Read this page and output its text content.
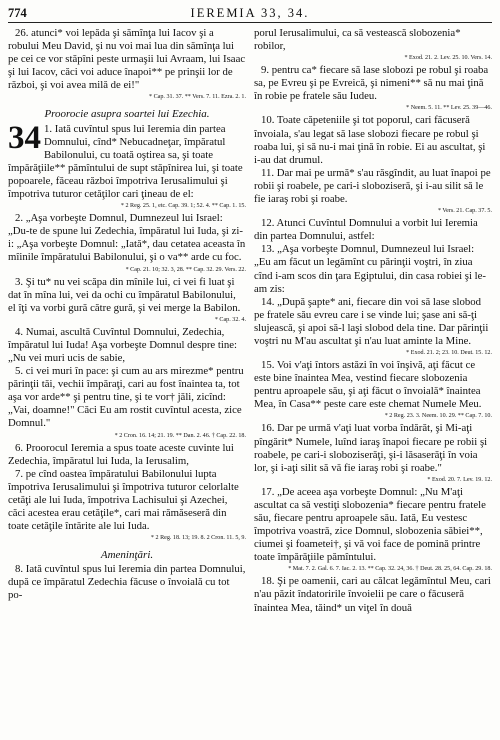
774	IEREMIA 33, 34.

26. atunci* voi lepăda şi sămînţa lui Iacov şi a robului Meu David, şi nu voi mai lua din sămînţa lui pe cei ce vor stăpîni peste urmaşii lui Avraam, lui Isaac şi lui Iacov, căci voi aduce înapoi** pe prinşii lor de război, şi voi avea milă de ei!"

* Cap. 31. 37. ** Vers. 7. 11. Ezra. 2. 1.

Proorocie asupra soartei lui Ezechia.

34 1. Iată cuvîntul spus lui Ieremia din partea Domnului, cînd* Nebucadneţar, împăratul Babilonului, cu toată oştirea sa, şi toate împărăţiile** pămîntului de supt stăpînirea lui, şi toate popoarele, făceau război împotriva Ierusalimului şi împotriva tuturor cetăţilor cari ţineau de el:

* 2 Reg. 25. 1, etc. Cap. 39. 1; 52. 4. ** Cap. 1. 15.

2. „Aşa vorbeşte Domnul, Dumnezeul lui Israel: „Du-te de spune lui Zedechia, împăratul lui Iuda, şi zi-i: „Aşa vorbeşte Domnul: „Iată*, dau cetatea aceasta în mîinile împăratului Babilonului, şi o va** arde cu foc.

* Cap. 21. 10; 32. 3, 28. ** Cap. 32. 29. Vers. 22.

3. Şi tu* nu vei scăpa din mînile lui, ci vei fi luat şi dat în mîna lui, vei da ochi cu împăratul Babilonului, el îţi va vorbi gură către gură, şi vei merge la Babilon.

* Cap. 32. 4.

4. Numai, ascultă Cuvîntul Domnului, Zedechia, împăratul lui Iuda! Aşa vorbeşte Domnul despre tine: „Nu vei muri ucis de sabie,

5. ci vei muri în pace: şi cum au ars mirezme* pentru părinţii tăi, vechii împăraţi, cari au fost înaintea ta, tot aşa vor arde** şi pentru tine, şi te vor† jăli, zicînd: „Vai, doamne!" Căci Eu am rostit cuvîntul acesta, zice Domnul."

* 2 Cron. 16. 14; 21. 19. ** Dan. 2. 46. † Cap. 22. 18.

6. Proorocul Ieremia a spus toate aceste cuvinte lui Zedechia, împăratul lui Iuda, la Ierusalim,

7. pe cînd oastea împăratului Babilonului lupta împotriva Ierusalimului şi împotriva tuturor celorlalte cetăţi ale lui Iuda, împotriva Lachisului şi Azechei, căci acestea erau cetăţile*, cari mai rămăseseră din toate cetăţile întărite ale lui Iuda.

* 2 Reg. 18. 13; 19. 8. 2 Cron. 11. 5, 9.

Ameninţări.

8. Iată cuvîntul spus lui Ieremia din partea Domnului, după ce împăratul Zedechia făcuse o învoială cu tot po-

porul Ierusalimului, ca să vestească slobozenia* robilor,

* Exod. 21. 2. Lev. 25. 10. Vers. 14.

9. pentru ca* fiecare să lase slobozi pe robul şi roaba sa, pe Evreu şi pe Evreică, şi nimeni** să nu mai ţină în robie pe fratele său Iudeu.

* Neem. 5. 11. ** Lev. 25. 39—46.

10. Toate căpeteniile şi tot poporul, cari făcuseră învoiala, s'au legat să lase slobozi fiecare pe robul şi roaba lui, şi să nu-i mai ţină în robie. Ei au ascultat, şi i-au dat drumul.

11. Dar mai pe urmă* s'au răsgîndit, au luat înapoi pe robii şi roabele, pe cari-i sloboziseră, şi i-au silit să le fie iaraş robi şi roabe.

* Vers. 21. Cap. 37. 5.

12. Atunci Cuvîntul Domnului a vorbit lui Ieremia din partea Domnului, astfel:

13. „Aşa vorbeşte Domnul, Dumnezeul lui Israel: „Eu am făcut un legămînt cu părinţii voştri, în ziua cînd i-am scos din ţara Egiptului, din casa robiei şi le-am zis:

14. „După şapte* ani, fiecare din voi să lase slobod pe fratele său evreu care i se vinde lui; şase ani să-ţi slujească, şi apoi să-l laşi slobod dela tine. Dar părinţii voştri nu M'au ascultat şi n'au luat aminte la Mine.

* Exod. 21. 2; 23. 10. Deut. 15. 12.

15. Voi v'aţi întors astăzi în voi înşivă, aţi făcut ce este bine înaintea Mea, vestind fiecare slobozenia pentru aproapele său, şi aţi făcut o învoială* înaintea Mea, în Casa** peste care este chemat Numele Meu.

* 2 Reg. 23. 3. Neem. 10. 29. ** Cap. 7. 10.

16. Dar pe urmă v'aţi luat vorba îndărăt, şi Mi-aţi pîngărit* Numele, luînd iaraş înapoi fiecare pe robii şi roabele, pe cari-i sloboziserăţi, şi-i lăsaserăţi în voia lor, şi i-aţi silit să vă fie iaraş robi şi roabe."

* Exod. 20. 7. Lev. 19. 12.

17. „De aceea aşa vorbeşte Domnul: „Nu M'aţi ascultat ca să vestiţi slobozenia* fiecare pentru fratele său, fiecare pentru aproapele său. Iată, Eu vestesc împotriva voastră, zice Domnul, slobozenia săbiei**, ciumei şi foametei†, şi vă voi face de pomină printre toate împărăţiile pămîntului.

* Mat. 7. 2. Gal. 6. 7. Iac. 2. 13. ** Cap. 32. 24, 36. † Deut. 28. 25, 64. Cap. 29. 18.

18. Şi pe oamenii, cari au călcat legămîntul Meu, cari n'au păzit îndatoririle învoielii pe care o făcuseră înaintea Mea, tăind* un viţel în două
